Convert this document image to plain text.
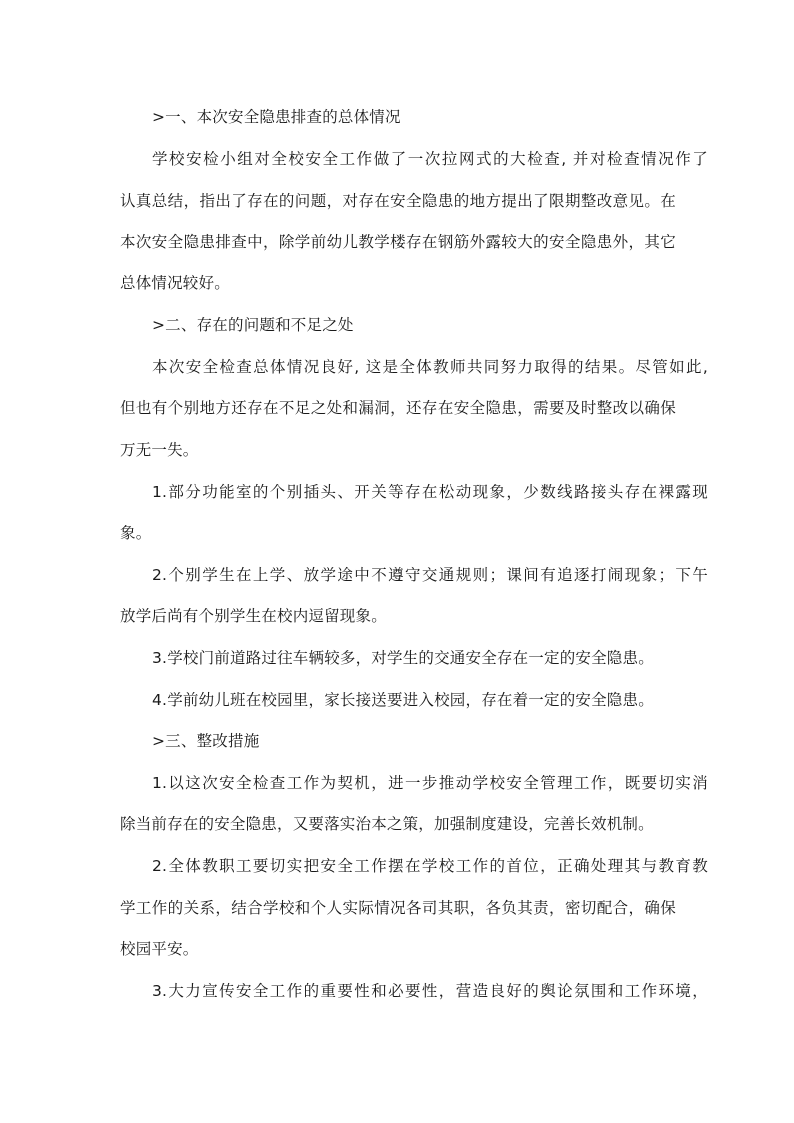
>一、本次安全隐患排查的总体情况
学校安检小组对全校安全工作做了一次拉网式的大检查, 并对检查情况作了
认真总结，指出了存在的问题，对存在安全隐患的地方提出了限期整改意见。在
本次安全隐患排查中，除学前幼儿教学楼存在钢筋外露较大的安全隐患外，其它
总体情况较好。
>二、存在的问题和不足之处
本次安全检查总体情况良好, 这是全体教师共同努力取得的结果。尽管如此,
但也有个别地方还存在不足之处和漏洞，还存在安全隐患，需要及时整改以确保
万无一失。
1.部分功能室的个别插头、开关等存在松动现象，少数线路接头存在裸露现
象。
2.个别学生在上学、放学途中不遵守交通规则；课间有追逐打闹现象；下午
放学后尚有个别学生在校内逗留现象。
3.学校门前道路过往车辆较多，对学生的交通安全存在一定的安全隐患。
4.学前幼儿班在校园里，家长接送要进入校园，存在着一定的安全隐患。
>三、整改措施
1.以这次安全检查工作为契机，进一步推动学校安全管理工作，既要切实消
除当前存在的安全隐患，又要落实治本之策，加强制度建设，完善长效机制。
2.全体教职工要切实把安全工作摆在学校工作的首位，正确处理其与教育教
学工作的关系，结合学校和个人实际情况各司其职，各负其责，密切配合，确保
校园平安。
3.大力宣传安全工作的重要性和必要性，营造良好的舆论氛围和工作环境，
